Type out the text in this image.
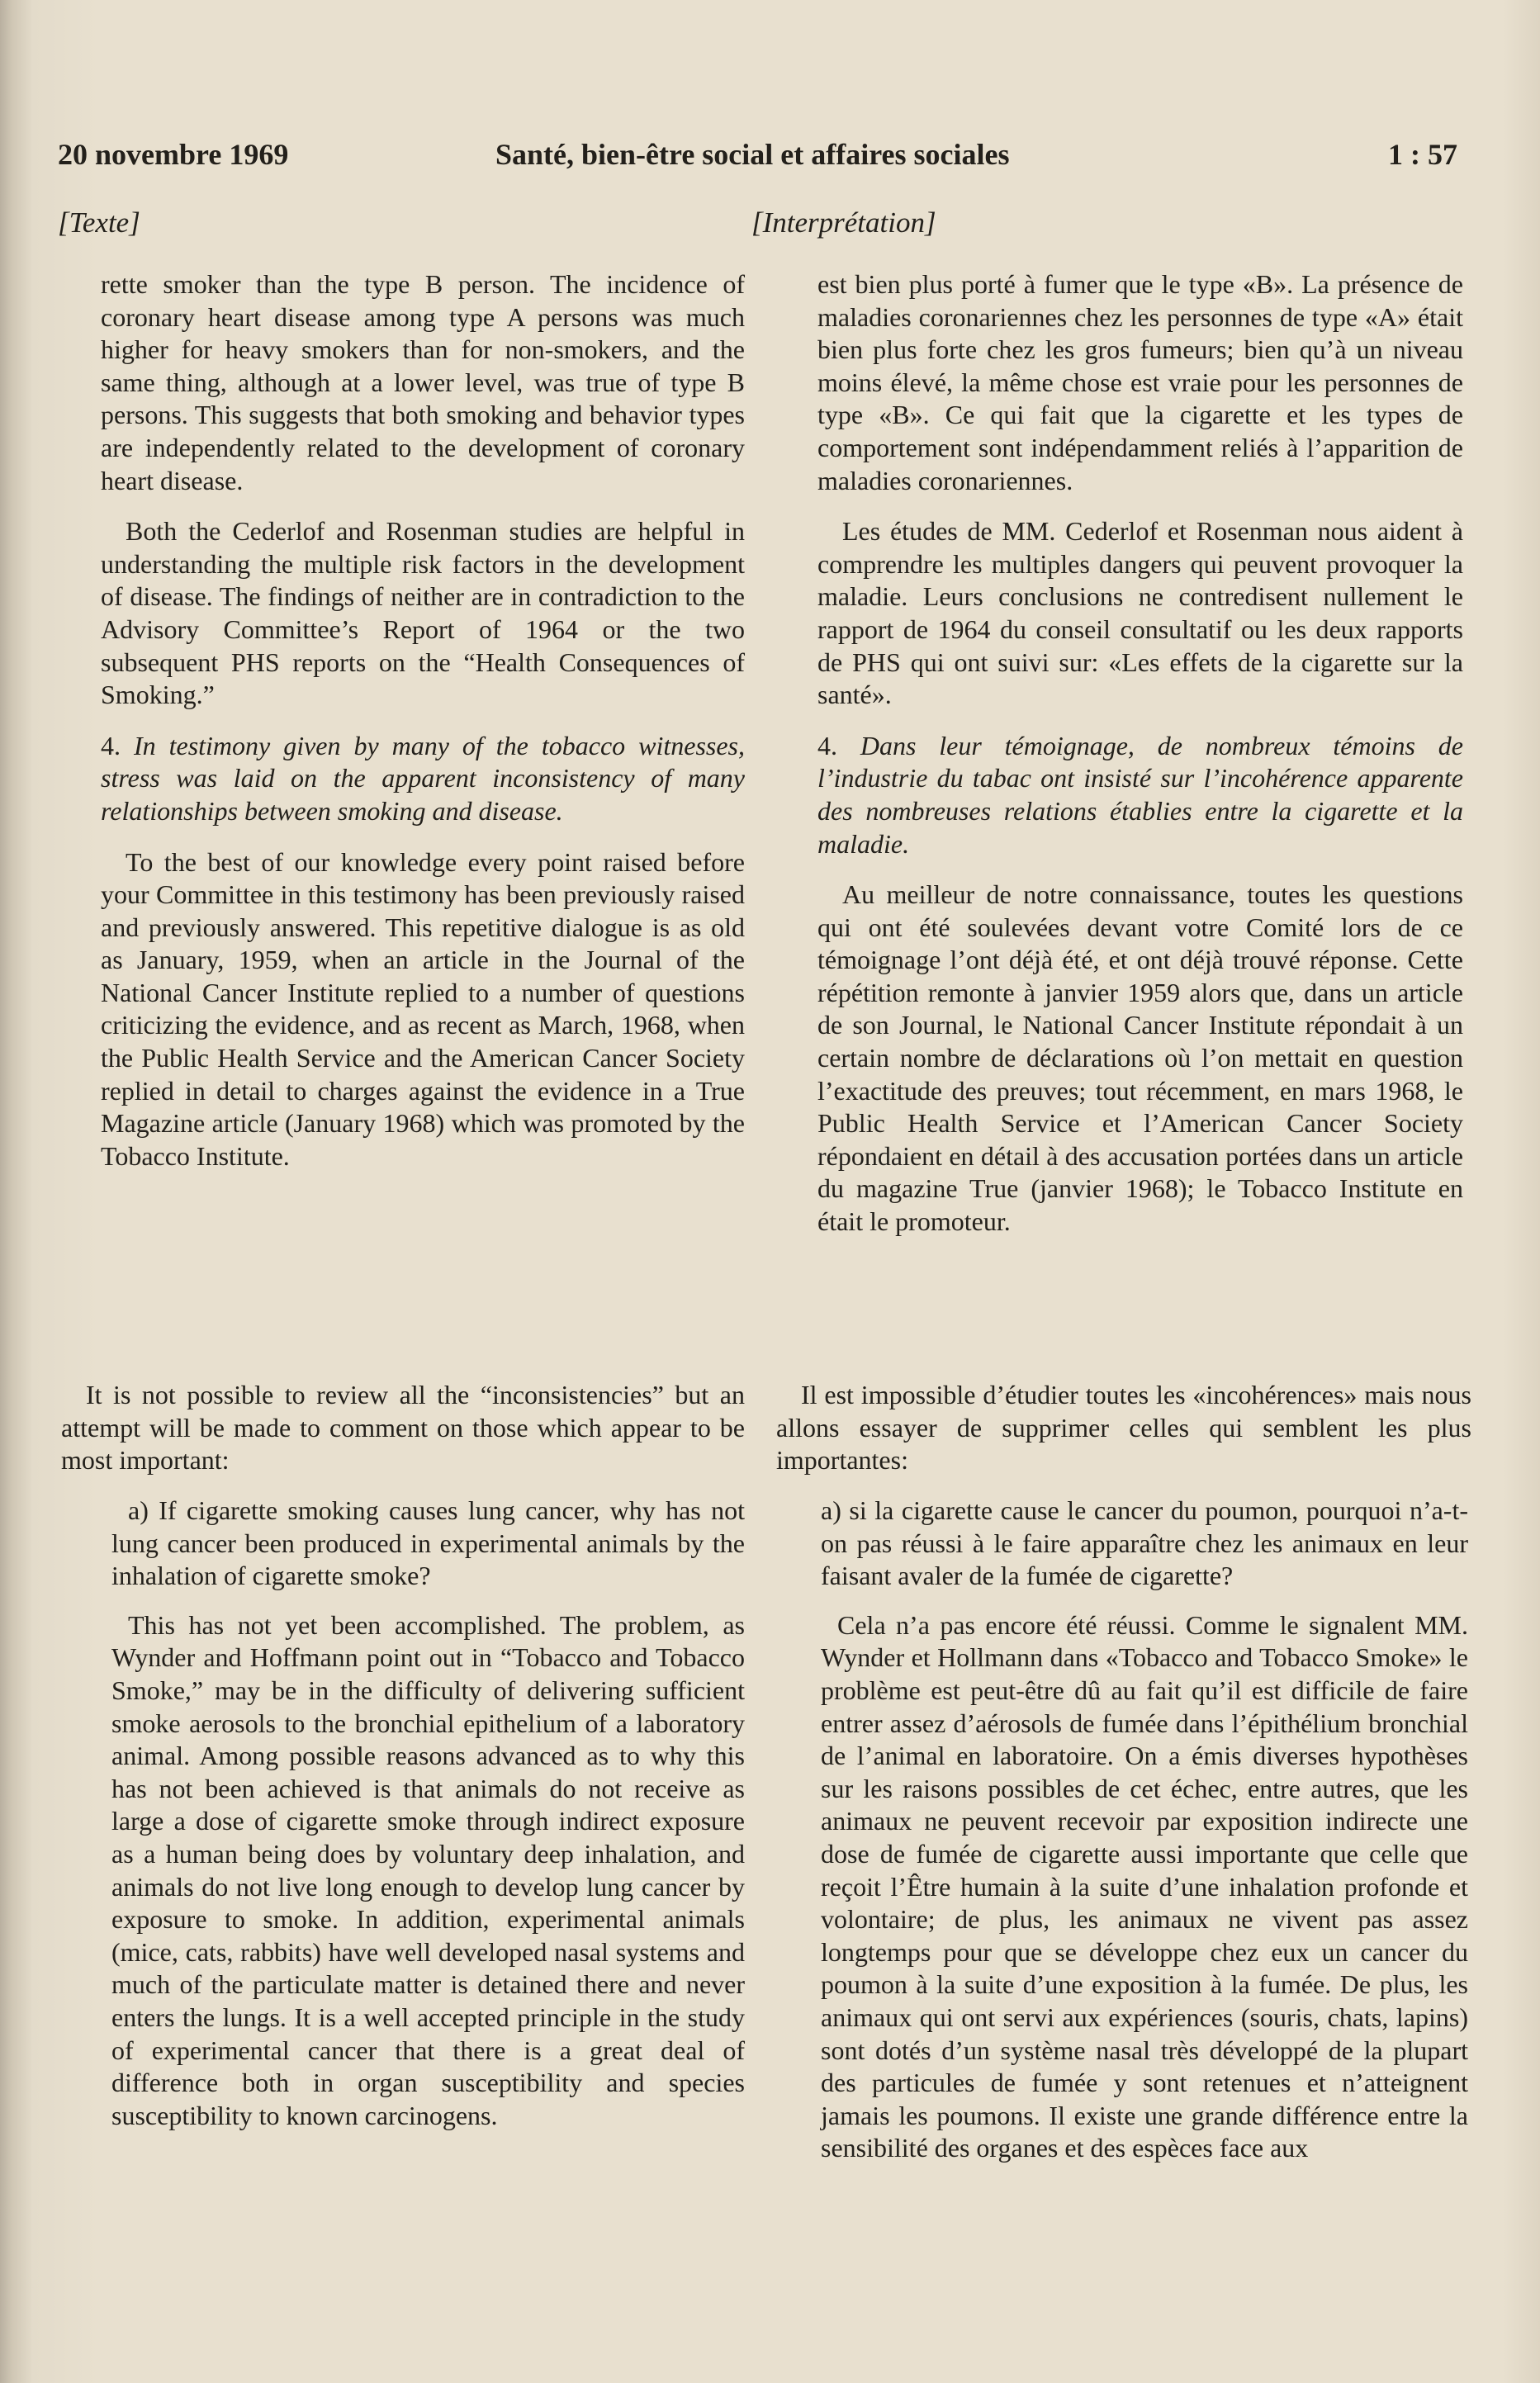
20 novembre 1969	Santé, bien-être social et affaires sociales	1 : 57
[Texte]	[Interprétation]

rette smoker than the type B person. The incidence of coronary heart disease among type A persons was much higher for heavy smokers than for non-smokers, and the same thing, although at a lower level, was true of type B persons. This suggests that both smoking and behavior types are independently related to the development of coronary heart disease.

Both the Cederlof and Rosenman studies are helpful in understanding the multiple risk factors in the development of disease. The findings of neither are in contradiction to the Advisory Committee’s Report of 1964 or the two subsequent PHS reports on the “Health Consequences of Smoking.”

4. In testimony given by many of the tobacco witnesses, stress was laid on the apparent inconsistency of many relationships between smoking and disease.

To the best of our knowledge every point raised before your Committee in this testimony has been previously raised and previously answered. This repetitive dialogue is as old as January, 1959, when an article in the Journal of the National Cancer Institute replied to a number of questions criticizing the evidence, and as recent as March, 1968, when the Public Health Service and the American Cancer Society replied in detail to charges against the evidence in a True Magazine article (January 1968) which was promoted by the Tobacco Institute.

est bien plus porté à fumer que le type «B». La présence de maladies coronariennes chez les personnes de type «A» était bien plus forte chez les gros fumeurs; bien qu’à un niveau moins élevé, la même chose est vraie pour les personnes de type «B». Ce qui fait que la cigarette et les types de comportement sont indépendamment reliés à l’apparition de maladies coronariennes.

Les études de MM. Cederlof et Rosenman nous aident à comprendre les multiples dangers qui peuvent provoquer la maladie. Leurs conclusions ne contredisent nullement le rapport de 1964 du conseil consultatif ou les deux rapports de PHS qui ont suivi sur: «Les effets de la cigarette sur la santé».

4. Dans leur témoignage, de nombreux témoins de l’industrie du tabac ont insisté sur l’incohérence apparente des nombreuses relations établies entre la cigarette et la maladie.

Au meilleur de notre connaissance, toutes les questions qui ont été soulevées devant votre Comité lors de ce témoignage l’ont déjà été, et ont déjà trouvé réponse. Cette répétition remonte à janvier 1959 alors que, dans un article de son Journal, le National Cancer Institute répondait à un certain nombre de déclarations où l’on mettait en question l’exactitude des preuves; tout récemment, en mars 1968, le Public Health Service et l’American Cancer Society répondaient en détail à des accusation portées dans un article du magazine True (janvier 1968); le Tobacco Institute en était le promoteur.

It is not possible to review all the “inconsistencies” but an attempt will be made to comment on those which appear to be most important:
Il est impossible d’étudier toutes les «incohérences» mais nous allons essayer de supprimer celles qui semblent les plus importantes:

a) If cigarette smoking causes lung cancer, why has not lung cancer been produced in experimental animals by the inhalation of cigarette smoke?

This has not yet been accomplished. The problem, as Wynder and Hoffmann point out in “Tobacco and Tobacco Smoke,” may be in the difficulty of delivering sufficient smoke aerosols to the bronchial epithelium of a laboratory animal. Among possible reasons advanced as to why this has not been achieved is that animals do not receive as large a dose of cigarette smoke through indirect exposure as a human being does by voluntary deep inhalation, and animals do not live long enough to develop lung cancer by exposure to smoke. In addition, experimental animals (mice, cats, rabbits) have well developed nasal systems and much of the particulate matter is detained there and never enters the lungs. It is a well accepted principle in the study of experimental cancer that there is a great deal of difference both in organ susceptibility and species susceptibility to known carcinogens.

a) si la cigarette cause le cancer du poumon, pourquoi n’a-t-on pas réussi à le faire apparaître chez les animaux en leur faisant avaler de la fumée de cigarette?

Cela n’a pas encore été réussi. Comme le signalent MM. Wynder et Hollmann dans «Tobacco and Tobacco Smoke» le problème est peut-être dû au fait qu’il est difficile de faire entrer assez d’aérosols de fumée dans l’épithélium bronchial de l’animal en laboratoire. On a émis diverses hypothèses sur les raisons possibles de cet échec, entre autres, que les animaux ne peuvent recevoir par exposition indirecte une dose de fumée de cigarette aussi importante que celle que reçoit l’Être humain à la suite d’une inhalation profonde et volontaire; de plus, les animaux ne vivent pas assez longtemps pour que se développe chez eux un cancer du poumon à la suite d’une exposition à la fumée. De plus, les animaux qui ont servi aux expériences (souris, chats, lapins) sont dotés d’un système nasal très développé de la plupart des particules de fumée y sont retenues et n’atteignent jamais les poumons. Il existe une grande différence entre la sensibilité des organes et des espèces face aux
